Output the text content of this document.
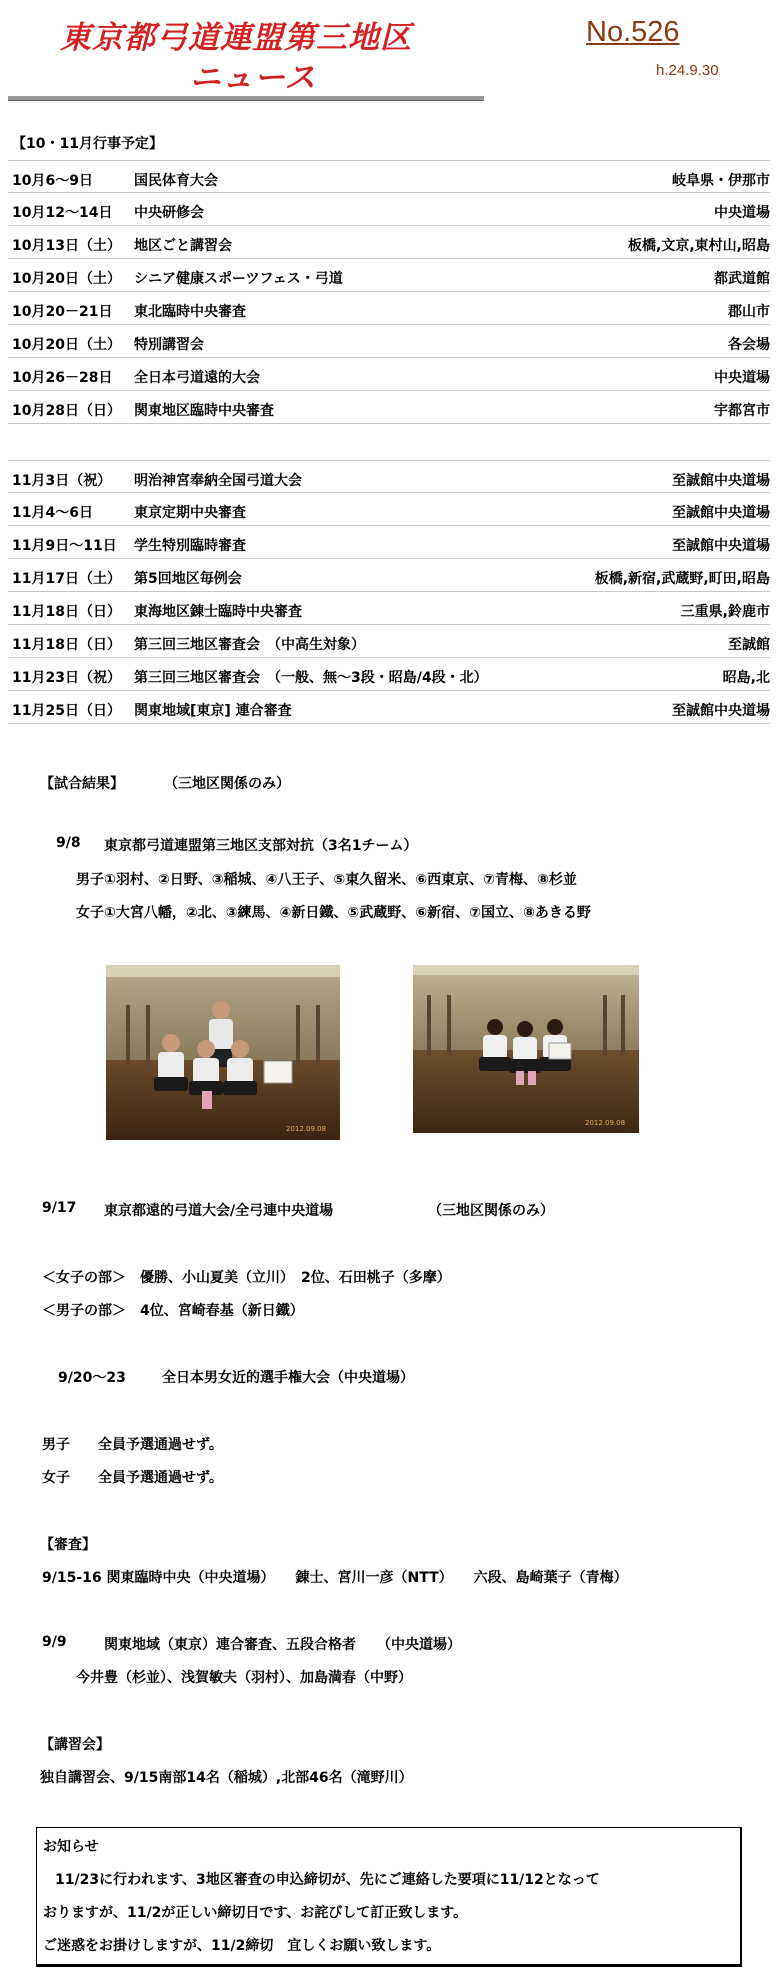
東京都弓道連盟第三地区
ニュース
No.526
h.24.9.30
【10・11月行事予定】
10月6～9日	国民体育大会	岐阜県・伊那市
10月12～14日 中央研修会	中央道場
10月13日（土） 地区ごと講習会	板橋,文京,東村山,昭島
10月20日（土） シニア健康スポーツフェス・弓道	都武道館
10月20－21日 東北臨時中央審査	郡山市
10月20日（土） 特別講習会	各会場
10月26－28日 全日本弓道遠的大会	中央道場
10月28日（日） 関東地区臨時中央審査	宇都宮市
11月3日（祝） 明治神宮奉納全国弓道大会	至誠館中央道場
11月4～6日	東京定期中央審査	至誠館中央道場
11月9日～11日 学生特別臨時審査	至誠館中央道場
11月17日（土） 第5回地区毎例会	板橋,新宿,武蔵野,町田,昭島
11月18日（日） 東海地区錬士臨時中央審査	三重県,鈴鹿市
11月18日（日） 第三回三地区審査会　（中高生対象）	至誠館
11月23日（祝） 第三回三地区審査会　（一般、無～3段・昭島/4段・北）	昭島,北
11月25日（日） 関東地域[東京] 連合審査	至誠館中央道場
【試合結果】	（三地区関係のみ）
9/8 東京都弓道連盟第三地区支部対抗（3名1チーム）
男子①羽村、②日野、③稲城、④八王子、⑤東久留米、⑥西東京、⑦青梅、⑧杉並
女子①大宮八幡，②北、③練馬、④新日鐵、⑤武蔵野、⑥新宿、⑦国立、⑧あきる野
2012.09.08
2012.09.08
9/17 東京都遠的弓道大会/全弓連中央道場	（三地区関係のみ）
＜女子の部＞　優勝、小山夏美（立川）　2位、石田桃子（多摩）
＜男子の部＞　4位、宮崎春基（新日鐵）
9/20～23	全日本男女近的選手権大会（中央道場）
男子　　全員予選通過せず。
女子　　全員予選通過せず。
【審査】
9/15-16 関東臨時中央（中央道場）　　錬士、宮川一彦（NTT）　　六段、島崎葉子（青梅）
9/9	関東地域（東京）連合審査、五段合格者　　（中央道場）
今井豊（杉並）、浅賀敏夫（羽村）、加島満春（中野）
【講習会】
独自講習会、9/15南部14名（稲城）,北部46名（滝野川）
お知らせ
11/23に行われます、3地区審査の申込締切が、先にご連絡した要項に11/12となって
おりますが、11/2が正しい締切日です、お詫びして訂正致します。
ご迷惑をお掛けしますが、11/2締切　宜しくお願い致します。
